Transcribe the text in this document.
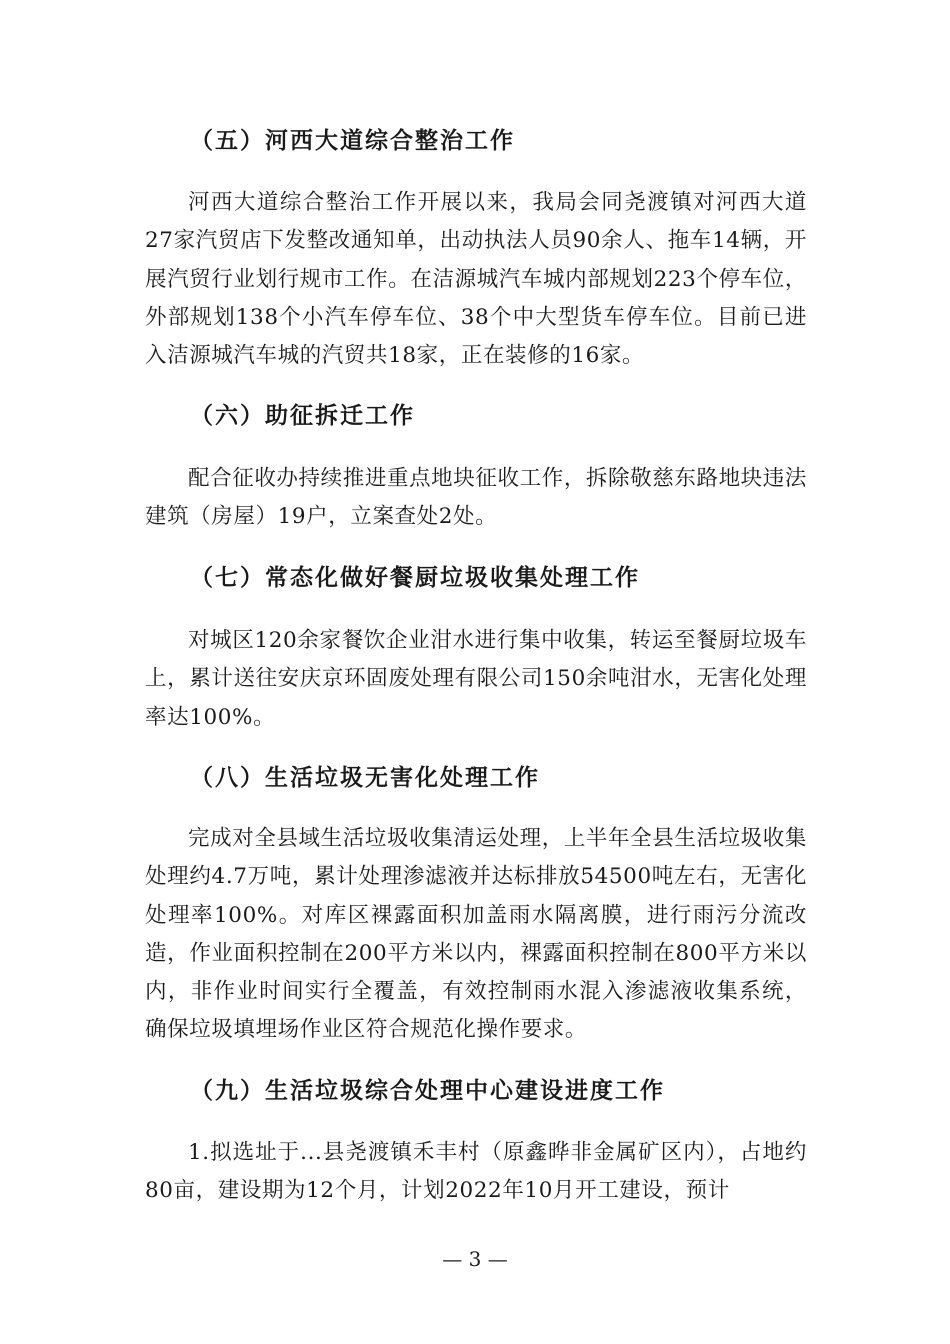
（五）河西大道综合整治工作

河西大道综合整治工作开展以来，我局会同尧渡镇对河西大道27家汽贸店下发整改通知单，出动执法人员90余人、拖车14辆，开展汽贸行业划行规市工作。在洁源城汽车城内部规划223个停车位，外部规划138个小汽车停车位、38个中大型货车停车位。目前已进入洁源城汽车城的汽贸共18家，正在装修的16家。

（六）助征拆迁工作

配合征收办持续推进重点地块征收工作，拆除敬慈东路地块违法建筑（房屋）19户，立案查处2处。

（七）常态化做好餐厨垃圾收集处理工作

对城区120余家餐饮企业泔水进行集中收集，转运至餐厨垃圾车上，累计送往安庆京环固废处理有限公司150余吨泔水，无害化处理率达100%。

（八）生活垃圾无害化处理工作

完成对全县域生活垃圾收集清运处理，上半年全县生活垃圾收集处理约4.7万吨，累计处理渗滤液并达标排放54500吨左右，无害化处理率100%。对库区裸露面积加盖雨水隔离膜，进行雨污分流改造，作业面积控制在200平方米以内，裸露面积控制在800平方米以内，非作业时间实行全覆盖，有效控制雨水混入渗滤液收集系统，确保垃圾填埋场作业区符合规范化操作要求。

（九）生活垃圾综合处理中心建设进度工作

1.拟选址于...县尧渡镇禾丰村（原鑫晔非金属矿区内），占地约80亩，建设期为12个月，计划2022年10月开工建设，预计

— 3 —
